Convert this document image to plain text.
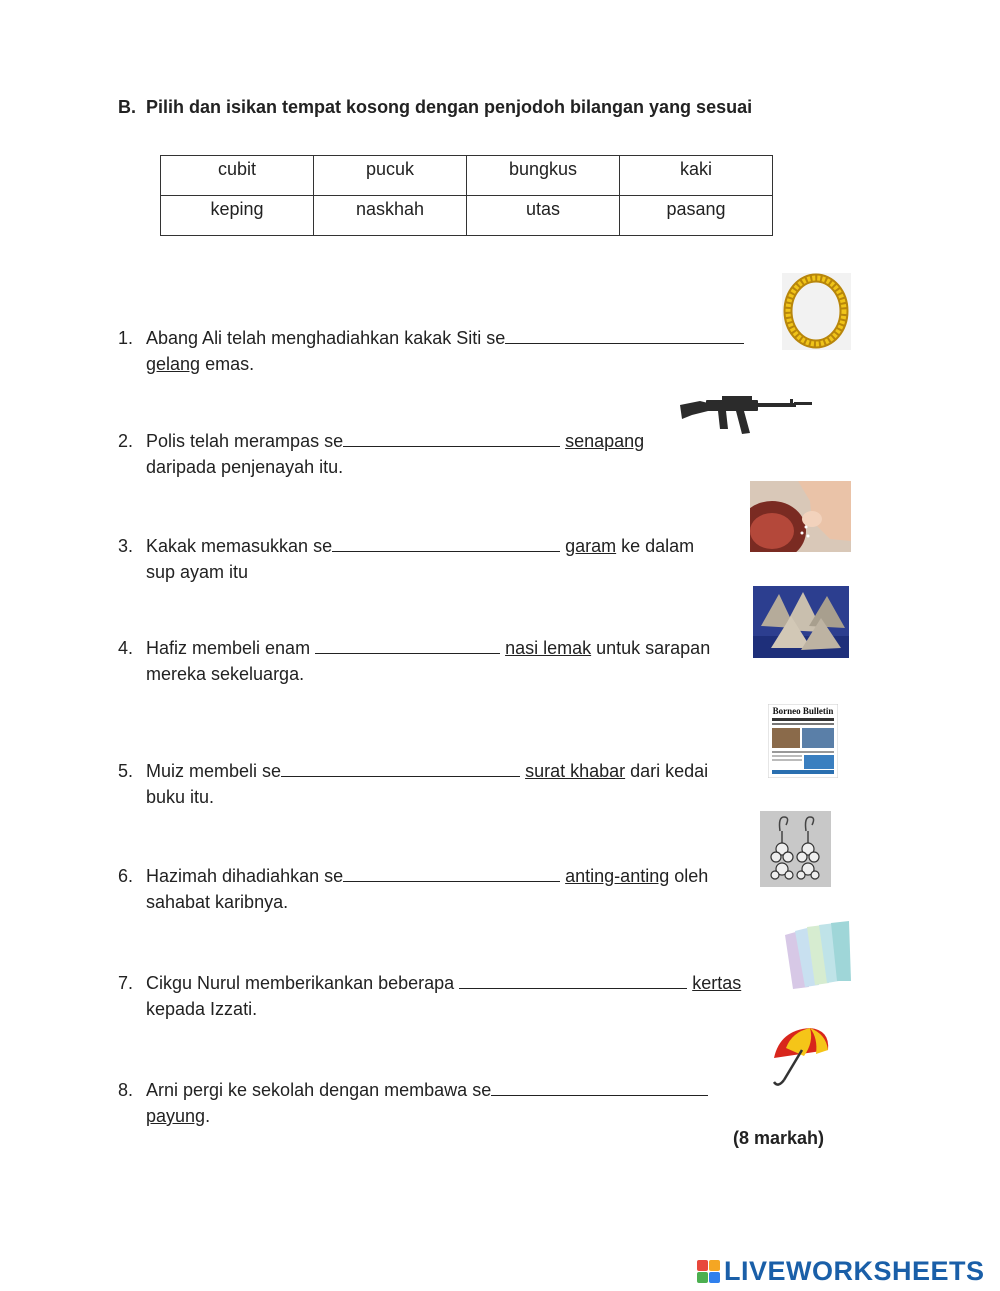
B. Pilih dan isikan tempat kosong dengan penjodoh bilangan yang sesuai
cubit	pucuk	bungkus	kaki
keping	naskhah	utas	pasang
1. Abang Ali telah menghadiahkan kakak Siti se
gelang emas.
2. Polis telah merampas se	senapang
daripada penjenayah itu.
3. Kakak memasukkan se	garam ke dalam
sup ayam itu
4. Hafiz membeli enam	nasi lemak untuk sarapan
mereka sekeluarga.
5. Muiz membeli se	surat khabar dari kedai
buku itu.
6. Hazimah dihadiahkan se	anting-anting oleh
sahabat karibnya.
7. Cikgu Nurul memberikankan beberapa	kertas
kepada Izzati.
8. Arni pergi ke sekolah dengan membawa se
payung.
Borneo Bulletin
(8 markah)
LIVEWORKSHEETS
